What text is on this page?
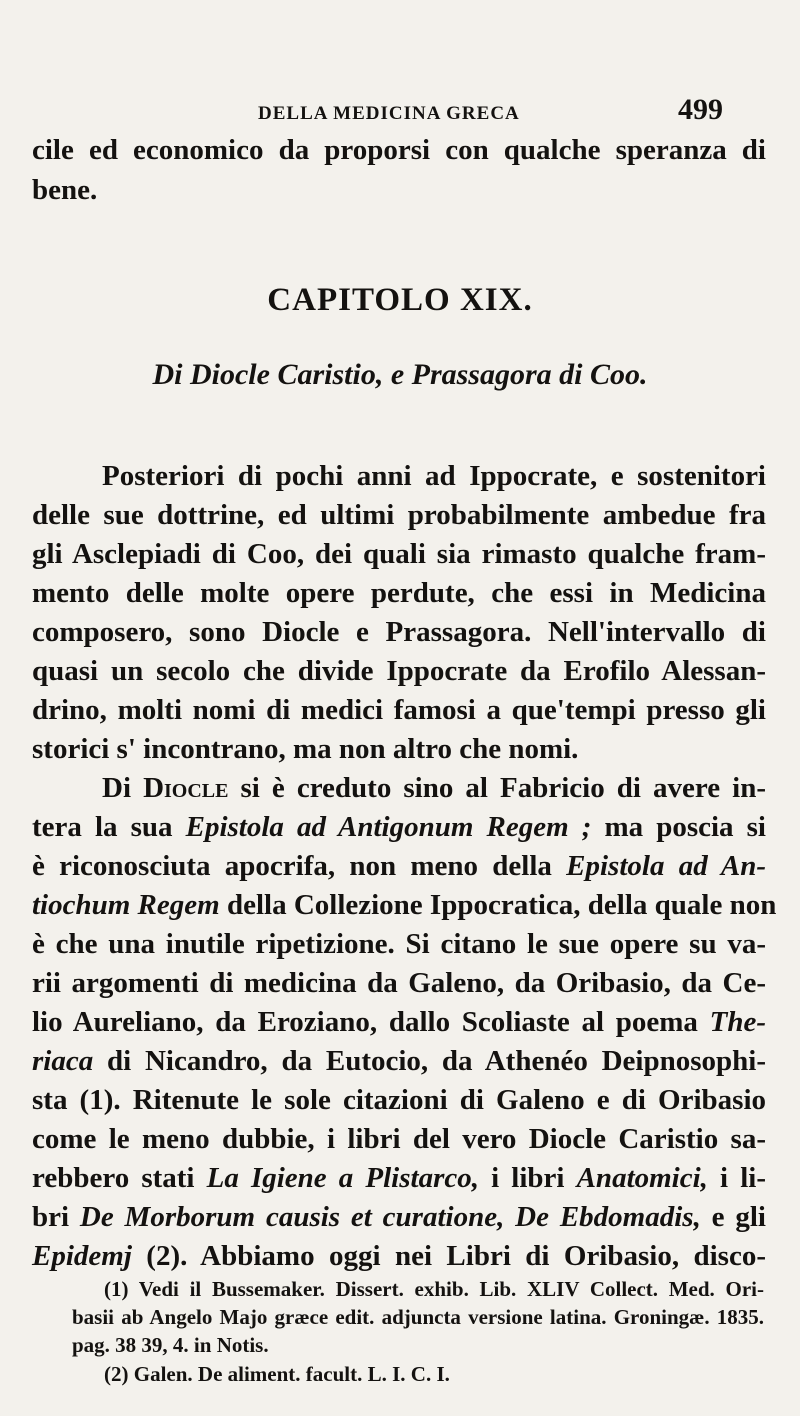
DELLA MEDICINA GRECA	499
cile ed economico da proporsi con qualche speranza di
bene.
CAPITOLO XIX.
Di Diocle Caristio, e Prassagora di Coo.
Posteriori di pochi anni ad Ippocrate, e sostenitori
delle sue dottrine, ed ultimi probabilmente ambedue fra
gli Asclepiadi di Coo, dei quali sia rimasto qualche fram-
mento delle molte opere perdute, che essi in Medicina
composero, sono Diocle e Prassagora. Nell'intervallo di
quasi un secolo che divide Ippocrate da Erofilo Alessan-
drino, molti nomi di medici famosi a que'tempi presso gli
storici s' incontrano, ma non altro che nomi.
Di Diocle si è creduto sino al Fabricio di avere in-
tera la sua Epistola ad Antigonum Regem ; ma poscia si
è riconosciuta apocrifa, non meno della Epistola ad An-
tiochum Regem della Collezione Ippocratica, della quale non
è che una inutile ripetizione. Si citano le sue opere su va-
rii argomenti di medicina da Galeno, da Oribasio, da Ce-
lio Aureliano, da Eroziano, dallo Scoliaste al poema The-
riaca di Nicandro, da Eutocio, da Athenéo Deipnosophi-
sta (1). Ritenute le sole citazioni di Galeno e di Oribasio
come le meno dubbie, i libri del vero Diocle Caristio sa-
rebbero stati La Igiene a Plistarco, i libri Anatomici, i li-
bri De Morborum causis et curatione, De Ebdomadis, e gli
Epidemj (2). Abbiamo oggi nei Libri di Oribasio, disco-
(1) Vedi il Bussemaker. Dissert. exhib. Lib. XLIV Collect. Med. Ori-
basii ab Angelo Majo græce edit. adjuncta versione latina. Groningæ. 1835.
pag. 38 39, 4. in Notis.
(2) Galen. De aliment. facult. L. I. C. I.
